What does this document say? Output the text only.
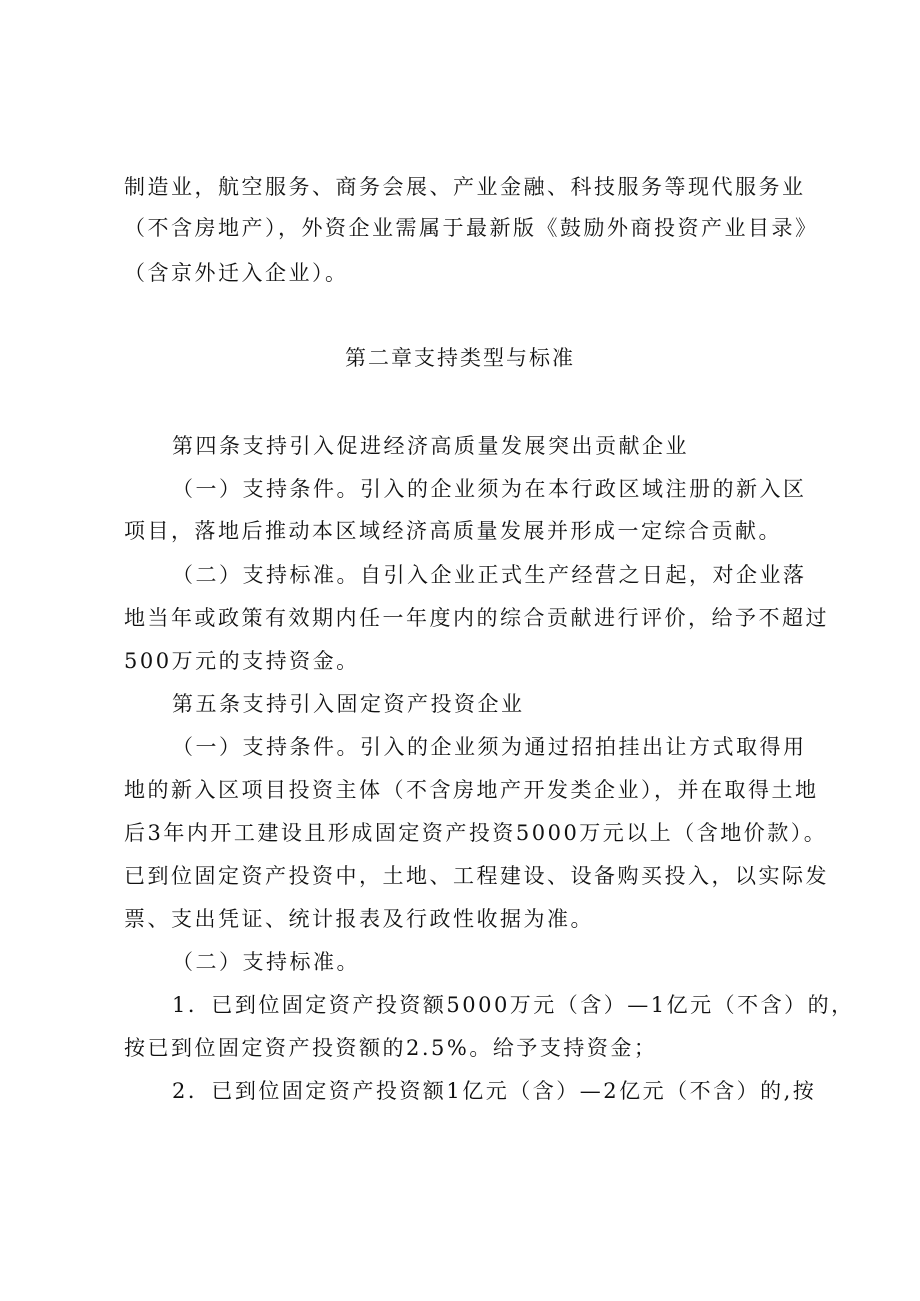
制造业，航空服务、商务会展、产业金融、科技服务等现代服务业
（不含房地产），外资企业需属于最新版《鼓励外商投资产业目录》
（含京外迁入企业）。
第二章支持类型与标准
第四条支持引入促进经济高质量发展突出贡献企业
（一）支持条件。引入的企业须为在本行政区域注册的新入区
项目，落地后推动本区域经济高质量发展并形成一定综合贡献。
（二）支持标准。自引入企业正式生产经营之日起，对企业落
地当年或政策有效期内任一年度内的综合贡献进行评价，给予不超过
500万元的支持资金。
第五条支持引入固定资产投资企业
（一）支持条件。引入的企业须为通过招拍挂出让方式取得用
地的新入区项目投资主体（不含房地产开发类企业），并在取得土地
后3年内开工建设且形成固定资产投资5000万元以上（含地价款）。
已到位固定资产投资中，土地、工程建设、设备购买投入，以实际发
票、支出凭证、统计报表及行政性收据为准。
（二）支持标准。
1．已到位固定资产投资额5000万元（含）—1亿元（不含）的，
按已到位固定资产投资额的2.5%。给予支持资金；
2．已到位固定资产投资额1亿元（含）—2亿元（不含）的,按
